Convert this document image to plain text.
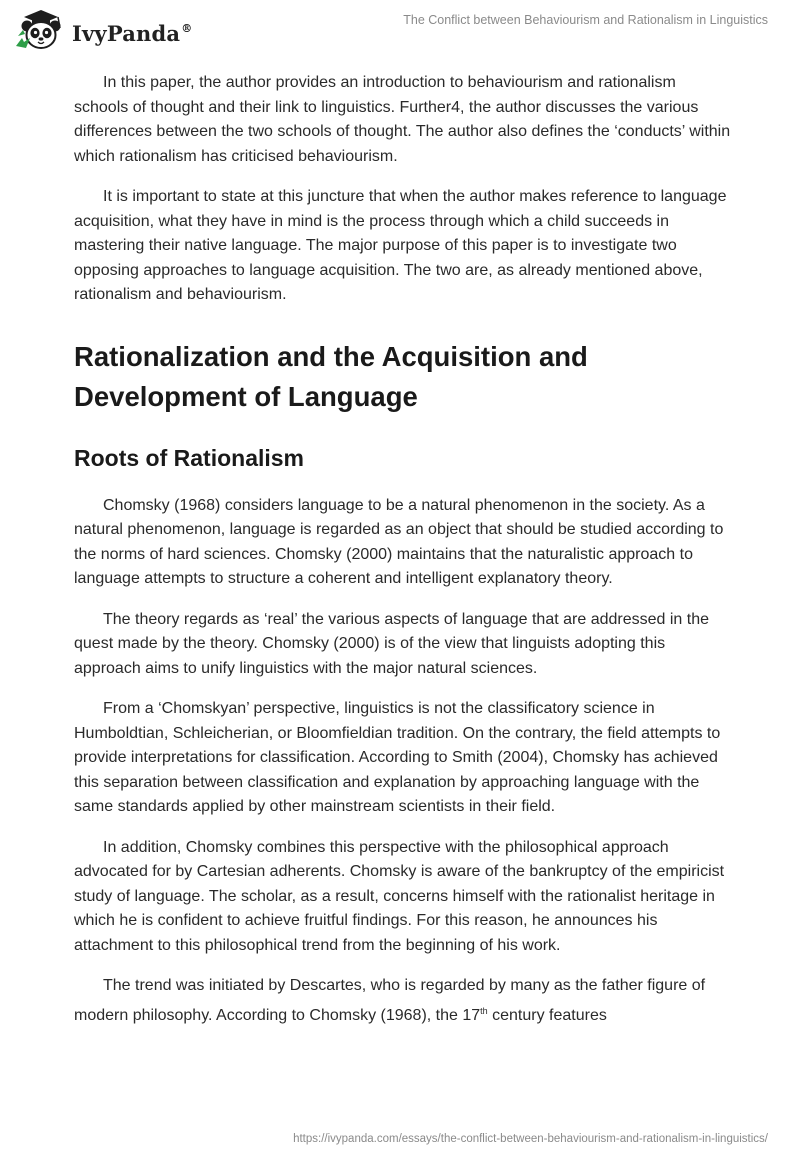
IvyPanda®
The Conflict between Behaviourism and Rationalism in Linguistics

In this paper, the author provides an introduction to behaviourism and rationalism schools of thought and their link to linguistics. Further4, the author discusses the various differences between the two schools of thought. The author also defines the ‘conducts’ within which rationalism has criticised behaviourism.

It is important to state at this juncture that when the author makes reference to language acquisition, what they have in mind is the process through which a child succeeds in mastering their native language. The major purpose of this paper is to investigate two opposing approaches to language acquisition. The two are, as already mentioned above, rationalism and behaviourism.

Rationalization and the Acquisition and Development of Language
Roots of Rationalism

Chomsky (1968) considers language to be a natural phenomenon in the society. As a natural phenomenon, language is regarded as an object that should be studied according to the norms of hard sciences. Chomsky (2000) maintains that the naturalistic approach to language attempts to structure a coherent and intelligent explanatory theory.

The theory regards as ‘real’ the various aspects of language that are addressed in the quest made by the theory. Chomsky (2000) is of the view that linguists adopting this approach aims to unify linguistics with the major natural sciences.

From a ‘Chomskyan’ perspective, linguistics is not the classificatory science in Humboldtian, Schleicherian, or Bloomfieldian tradition. On the contrary, the field attempts to provide interpretations for classification. According to Smith (2004), Chomsky has achieved this separation between classification and explanation by approaching language with the same standards applied by other mainstream scientists in their field.

In addition, Chomsky combines this perspective with the philosophical approach advocated for by Cartesian adherents. Chomsky is aware of the bankruptcy of the empiricist study of language. The scholar, as a result, concerns himself with the rationalist heritage in which he is confident to achieve fruitful findings. For this reason, he announces his attachment to this philosophical trend from the beginning of his work.

The trend was initiated by Descartes, who is regarded by many as the father figure of modern philosophy. According to Chomsky (1968), the 17th century features

https://ivypanda.com/essays/the-conflict-between-behaviourism-and-rationalism-in-linguistics/
